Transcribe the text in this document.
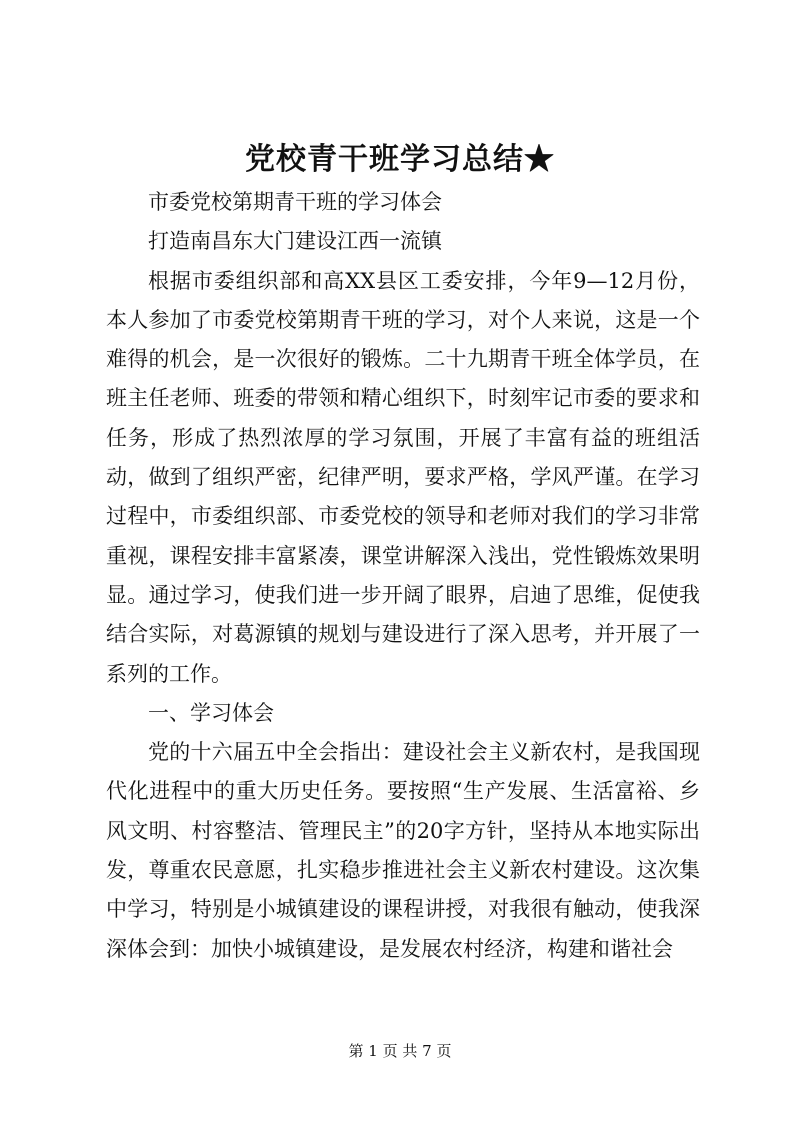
党校青干班学习总结★

市委党校第期青干班的学习体会

打造南昌东大门建设江西一流镇

根据市委组织部和高XX县区工委安排，今年9—12月份，本人参加了市委党校第期青干班的学习，对个人来说，这是一个难得的机会，是一次很好的锻炼。二十九期青干班全体学员，在班主任老师、班委的带领和精心组织下，时刻牢记市委的要求和任务，形成了热烈浓厚的学习氛围，开展了丰富有益的班组活动，做到了组织严密，纪律严明，要求严格，学风严谨。在学习过程中，市委组织部、市委党校的领导和老师对我们的学习非常重视，课程安排丰富紧凑，课堂讲解深入浅出，党性锻炼效果明显。通过学习，使我们进一步开阔了眼界，启迪了思维，促使我结合实际，对葛源镇的规划与建设进行了深入思考，并开展了一系列的工作。

一、学习体会

党的十六届五中全会指出：建设社会主义新农村，是我国现代化进程中的重大历史任务。要按照“生产发展、生活富裕、乡风文明、村容整洁、管理民主”的20字方针，坚持从本地实际出发，尊重农民意愿，扎实稳步推进社会主义新农村建设。这次集中学习，特别是小城镇建设的课程讲授，对我很有触动，使我深深体会到：加快小城镇建设，是发展农村经济，构建和谐社会

第 1 页 共 7 页
